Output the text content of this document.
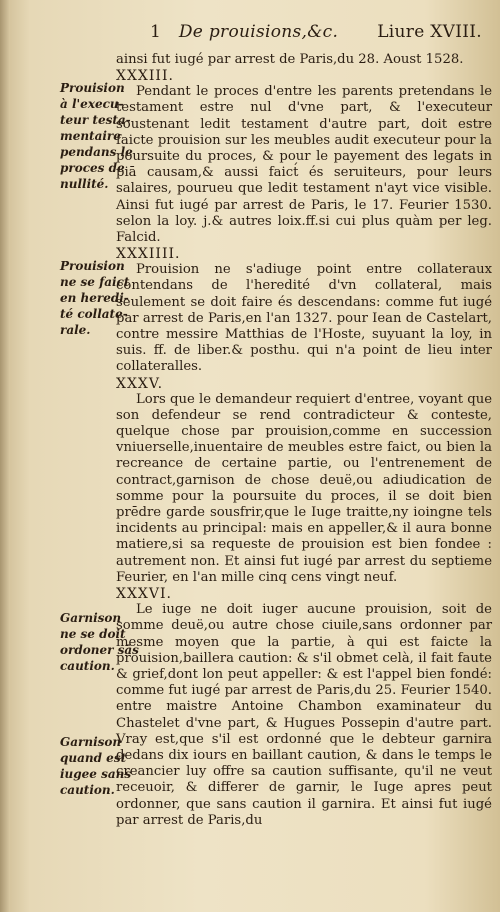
1 De prouisions,&c. Liure XVIII.
Prouision
à l'execu-
teur testa-
mentaire
pendans le
proces de
nullité.
Prouision
ne se faict
en heredi-
té collate-
rale.
Garnison
ne se doit
ordoner sās
caution.
Garnison
quand est
iugee sans
caution.

ainsi fut iugé par arrest de Paris,du 28. Aoust 1528.

XXXIII.

Pendant le proces d'entre les parents pretendans le testament estre nul d'vne part, & l'executeur soustenant ledit testament d'autre part, doit estre faicte prouision sur les meubles audit executeur pour la poursuite du proces, & pour le payement des legats in piā causam,& aussi faict́ és seruiteurs, pour leurs salaires, pourueu que ledit testament n'ayt vice visible. Ainsi fut iugé par arrest de Paris, le 17. Feurier 1530. selon la loy. j.& autres loix.ff.si cui plus quàm per leg. Falcid.

XXXIIII.

Prouision ne s'adiuge point entre collateraux contendans de l'heredité d'vn collateral, mais seulement se doit faire és descendans: comme fut iugé par arrest de Paris,en l'an 1327. pour Iean de Castelart, contre messire Matthias de l'Hoste, suyuant la loy, in suis. ff. de liber.& posthu. qui n'a point de lieu inter collateralles.

XXXV.

Lors que le demandeur requiert d'entree, voyant que son defendeur se rend contradicteur & conteste, quelque chose par prouision,comme en succession vniuerselle,inuentaire de meubles estre faict, ou bien la recreance de certaine partie, ou l'entrenement de contract,garnison de chose deuë,ou adiudication de somme pour la poursuite du proces, il se doit bien prēdre garde sousfrir,que le Iuge traitte,ny ioingne tels incidents au principal: mais en appeller,& il aura bonne matiere,si sa requeste de prouision est bien fondee : autrement non. Et ainsi fut iugé par arrest du septieme Feurier, en l'an mille cinq cens vingt neuf.

XXXVI.

Le iuge ne doit iuger aucune prouision, soit de somme deuë,ou autre chose ciuile,sans ordonner par mesme moyen que la partie, à qui est faicte la prouision,baillera caution: & s'il obmet celà, il fait faute & grief,dont lon peut appeller: & est l'appel bien fondé: comme fut iugé par arrest de Paris,du 25. Feurier 1540. entre maistre Antoine Chambon examinateur du Chastelet d'vne part, & Hugues Possepin d'autre part. Vray est,que s'il est ordonné que le debteur garnira dedans dix iours en baillant caution, & dans le temps le creancier luy offre sa caution suffisante, qu'il ne veut receuoir, & differer de garnir, le Iuge apres peut ordonner, que sans caution il garnira. Et ainsi fut iugé par arrest de Paris,du
